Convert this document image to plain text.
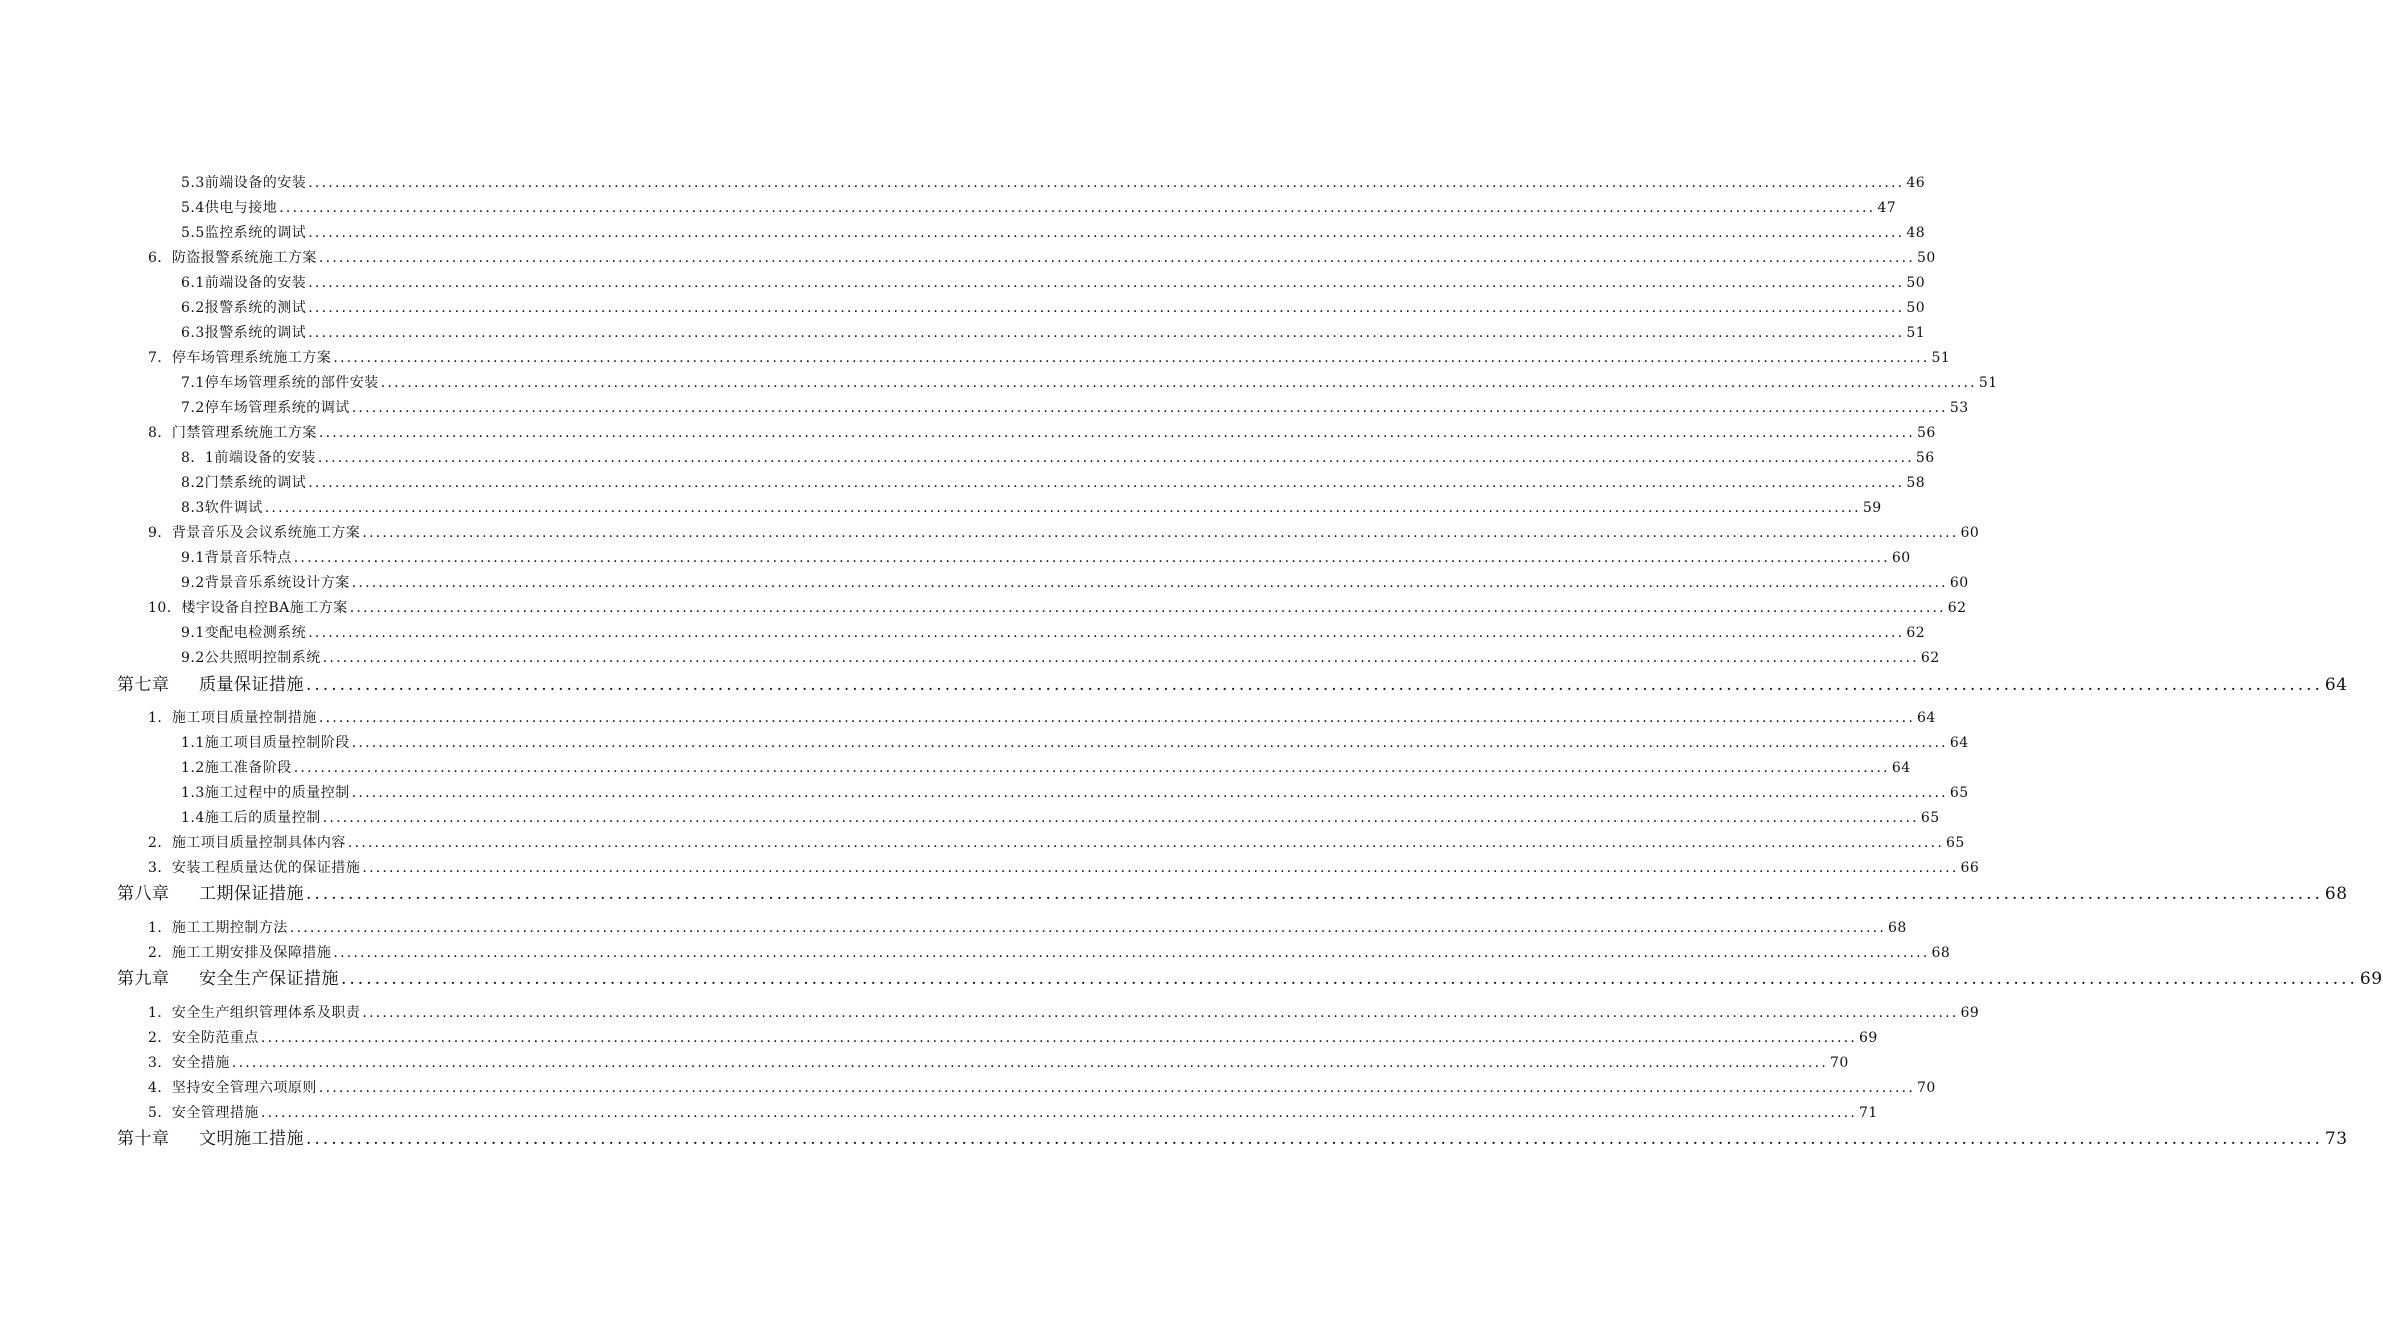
5.3前端设备的安装 ................................................................................................................................................................................................................................................ 46
5.4供电与接地 ................................................................................................................................................................................................................................................ 47
5.5监控系统的调试 ................................................................................................................................................................................................................................................ 48
6．防盗报警系统施工方案 ................................................................................................................................................................................................................................................ 50
6.1前端设备的安装 ................................................................................................................................................................................................................................................ 50
6.2报警系统的测试 ................................................................................................................................................................................................................................................ 50
6.3报警系统的调试 ................................................................................................................................................................................................................................................ 51
7．停车场管理系统施工方案 ................................................................................................................................................................................................................................................ 51
7.1停车场管理系统的部件安装 ................................................................................................................................................................................................................................................ 51
7.2停车场管理系统的调试 ................................................................................................................................................................................................................................................ 53
8．门禁管理系统施工方案 ................................................................................................................................................................................................................................................ 56
8．1前端设备的安装 ................................................................................................................................................................................................................................................ 56
8.2门禁系统的调试 ................................................................................................................................................................................................................................................ 58
8.3软件调试 ................................................................................................................................................................................................................................................ 59
9．背景音乐及会议系统施工方案 ................................................................................................................................................................................................................................................ 60
9.1背景音乐特点 ................................................................................................................................................................................................................................................ 60
9.2背景音乐系统设计方案 ................................................................................................................................................................................................................................................ 60
10．楼宇设备自控BA施工方案 ................................................................................................................................................................................................................................................ 62
9.1变配电检测系统 ................................................................................................................................................................................................................................................ 62
9.2公共照明控制系统 ................................................................................................................................................................................................................................................ 62
第七章 质量保证措施 ................................................................................................................................................................................................................................................ 64
1．施工项目质量控制措施 ................................................................................................................................................................................................................................................ 64
1.1施工项目质量控制阶段 ................................................................................................................................................................................................................................................ 64
1.2施工准备阶段 ................................................................................................................................................................................................................................................ 64
1.3施工过程中的质量控制 ................................................................................................................................................................................................................................................ 65
1.4施工后的质量控制 ................................................................................................................................................................................................................................................ 65
2．施工项目质量控制具体内容 ................................................................................................................................................................................................................................................ 65
3．安装工程质量达优的保证措施 ................................................................................................................................................................................................................................................ 66
第八章 工期保证措施 ................................................................................................................................................................................................................................................ 68
1．施工工期控制方法 ................................................................................................................................................................................................................................................ 68
2．施工工期安排及保障措施 ................................................................................................................................................................................................................................................ 68
第九章 安全生产保证措施 ................................................................................................................................................................................................................................................ 69
1．安全生产组织管理体系及职责 ................................................................................................................................................................................................................................................ 69
2．安全防范重点 ................................................................................................................................................................................................................................................ 69
3．安全措施 ................................................................................................................................................................................................................................................ 70
4．坚持安全管理六项原则 ................................................................................................................................................................................................................................................ 70
5．安全管理措施 ................................................................................................................................................................................................................................................ 71
第十章 文明施工措施 ................................................................................................................................................................................................................................................ 73
